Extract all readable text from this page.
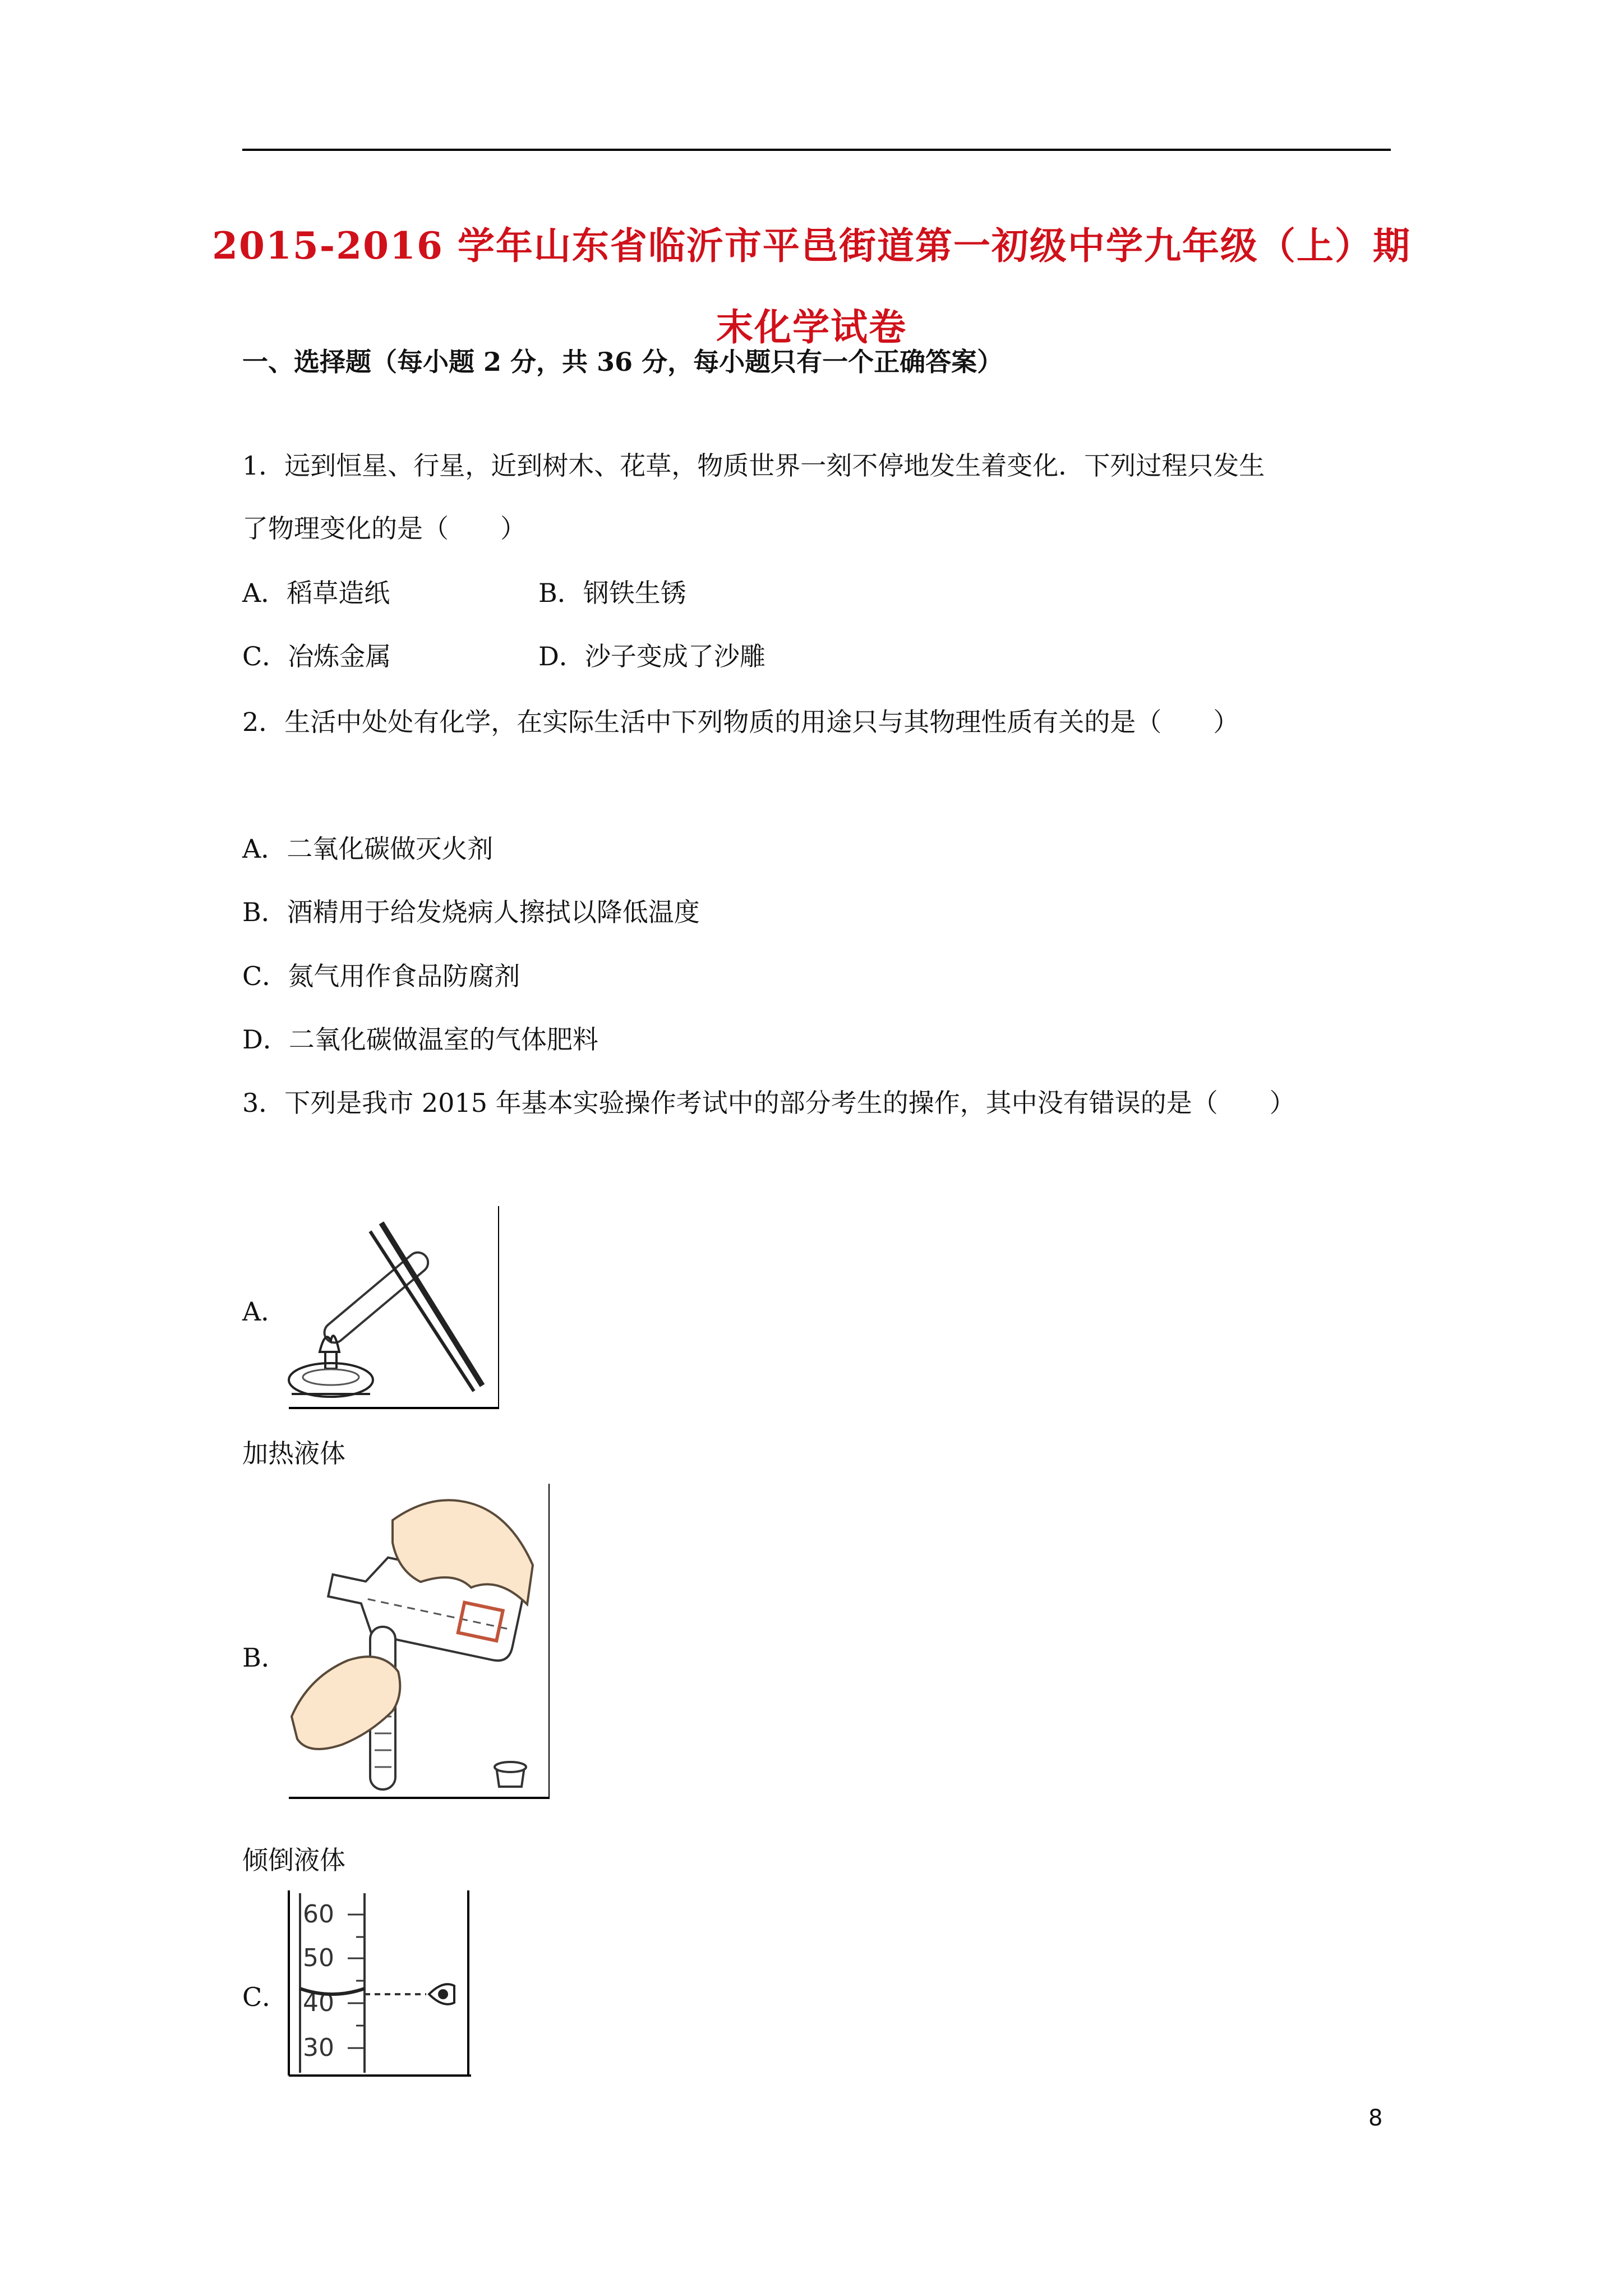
2015-2016 学年山东省临沂市平邑街道第一初级中学九年级（上）期
末化学试卷
一、选择题（每小题 2 分，共 36 分，每小题只有一个正确答案）
1．远到恒星、行星，近到树木、花草，物质世界一刻不停地发生着变化．下列过程只发生
了物理变化的是（　　）
A．稻草造纸	B．钢铁生锈
C．冶炼金属	D．沙子变成了沙雕
2．生活中处处有化学，在实际生活中下列物质的用途只与其物理性质有关的是（　　）
A．二氧化碳做灭火剂
B．酒精用于给发烧病人擦拭以降低温度
C．氮气用作食品防腐剂
D．二氧化碳做温室的气体肥料
3．下列是我市 2015 年基本实验操作考试中的部分考生的操作，其中没有错误的是（　　）
A．
加热液体
B．
倾倒液体
C．
60
50
40
30
8
